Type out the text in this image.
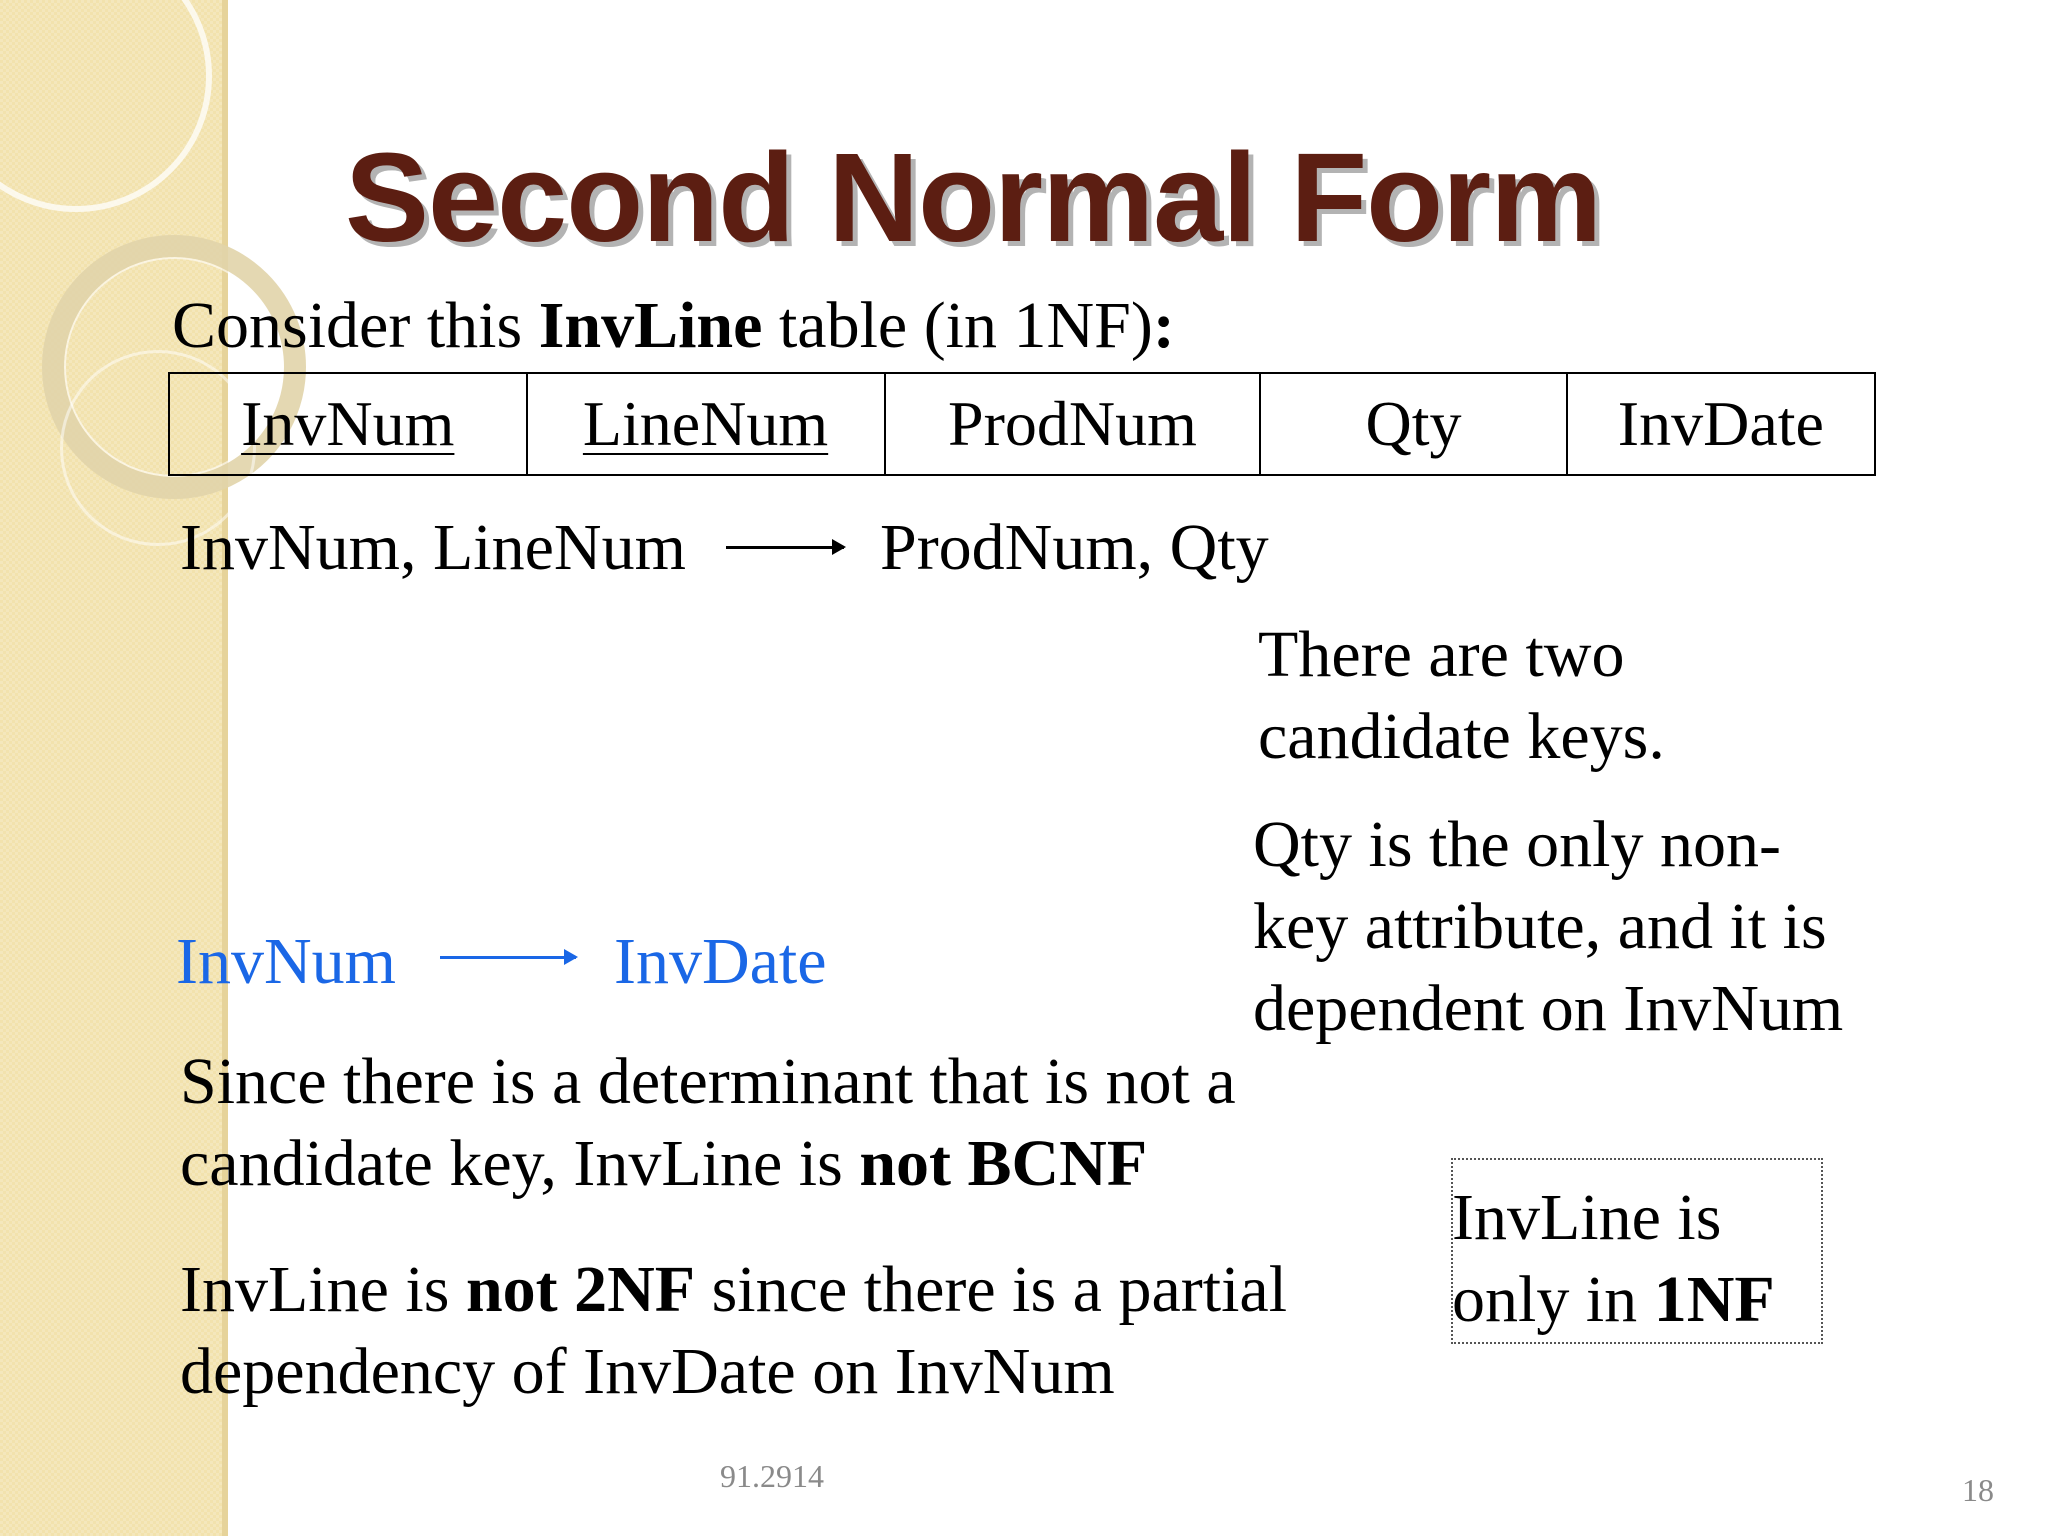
Second Normal Form
Consider this InvLine table (in 1NF):
InvNum	LineNum	ProdNum	Qty	InvDate
InvNum, LineNum	ProdNum, Qty
There are two
candidate keys.
Qty is the only non-
key attribute, and it is
dependent on InvNum
InvNum	InvDate
Since there is a determinant that is not a
candidate key, InvLine is not BCNF
InvLine is not 2NF since there is a partial
dependency of InvDate on InvNum
InvLine is
only in 1NF
91.2914	18
